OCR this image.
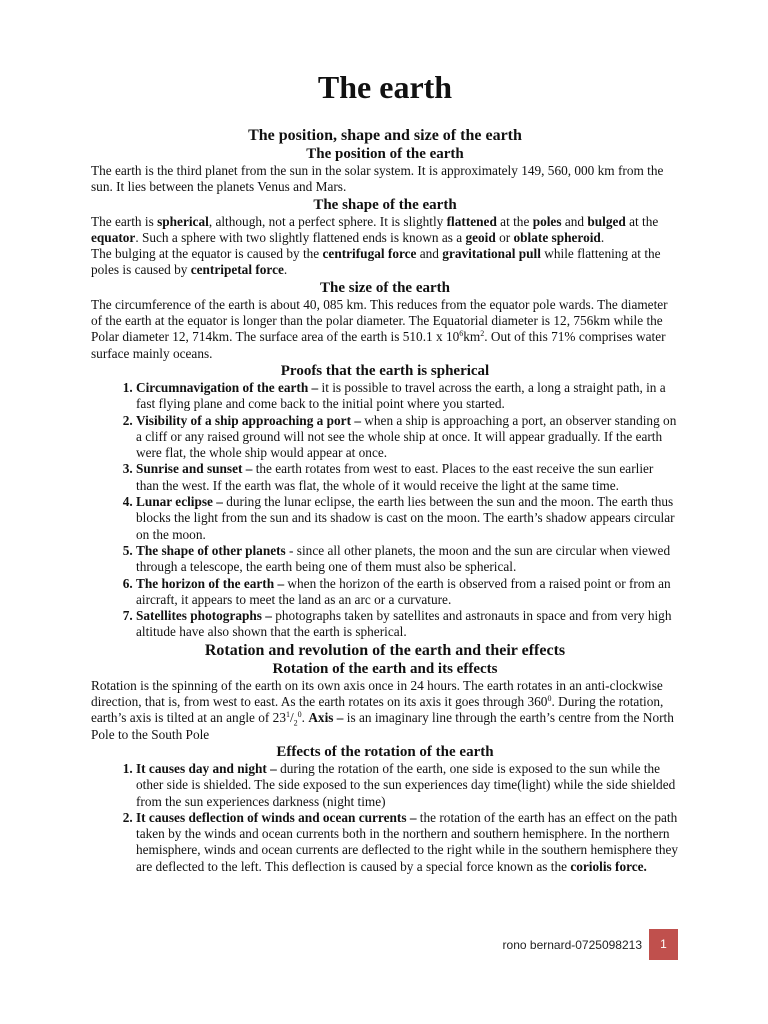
The earth
The position, shape and size of the earth
The position of the earth

The earth is the third planet from the sun in the solar system. It is approximately 149, 560, 000 km from the sun. It lies between the planets Venus and Mars.

The shape of the earth

The earth is spherical, although, not a perfect sphere. It is slightly flattened at the poles and bulged at the equator. Such a sphere with two slightly flattened ends is known as a geoid or oblate spheroid.

The bulging at the equator is caused by the centrifugal force and gravitational pull while flattening at the poles is caused by centripetal force.

The size of the earth

The circumference of the earth is about 40, 085 km. This reduces from the equator pole wards. The diameter of the earth at the equator is longer than the polar diameter. The Equatorial diameter is 12, 756km while the Polar diameter 12, 714km. The surface area of the earth is 510.1 x $10^6km^2$. Out of this 71% comprises water surface mainly oceans.

Proofs that the earth is spherical
1. Circumnavigation of the earth – it is possible to travel across the earth, a long a straight path, in a fast flying plane and come back to the initial point where you started.
2. Visibility of a ship approaching a port – when a ship is approaching a port, an observer standing on a cliff or any raised ground will not see the whole ship at once. It will appear gradually. If the earth were flat, the whole ship would appear at once.
3. Sunrise and sunset – the earth rotates from west to east. Places to the east receive the sun earlier than the west. If the earth was flat, the whole of it would receive the light at the same time.
4. Lunar eclipse – during the lunar eclipse, the earth lies between the sun and the moon. The earth thus blocks the light from the sun and its shadow is cast on the moon. The earth’s shadow appears circular on the moon.
5. The shape of other planets - since all other planets, the moon and the sun are circular when viewed through a telescope, the earth being one of them must also be spherical.
6. The horizon of the earth – when the horizon of the earth is observed from a raised point or from an aircraft, it appears to meet the land as an arc or a curvature.
7. Satellites photographs – photographs taken by satellites and astronauts in space and from very high altitude have also shown that the earth is spherical.
Rotation and revolution of the earth and their effects
Rotation of the earth and its effects

Rotation is the spinning of the earth on its own axis once in 24 hours. The earth rotates in an anti-clockwise direction, that is, from west to east. As the earth rotates on its axis it goes through $360^0$. During the rotation, earth’s axis is tilted at an angle of $23^1/_2^0$. Axis – is an imaginary line through the earth’s centre from the North Pole to the South Pole

Effects of the rotation of the earth
1. It causes day and night – during the rotation of the earth, one side is exposed to the sun while the other side is shielded. The side exposed to the sun experiences day time(light) while the side shielded from the sun experiences darkness (night time)
2. It causes deflection of winds and ocean currents – the rotation of the earth has an effect on the path taken by the winds and ocean currents both in the northern and southern hemisphere. In the northern hemisphere, winds and ocean currents are deflected to the right while in the southern hemisphere they are deflected to the left. This deflection is caused by a special force known as the coriolis force.
rono bernard-0725098213	1
